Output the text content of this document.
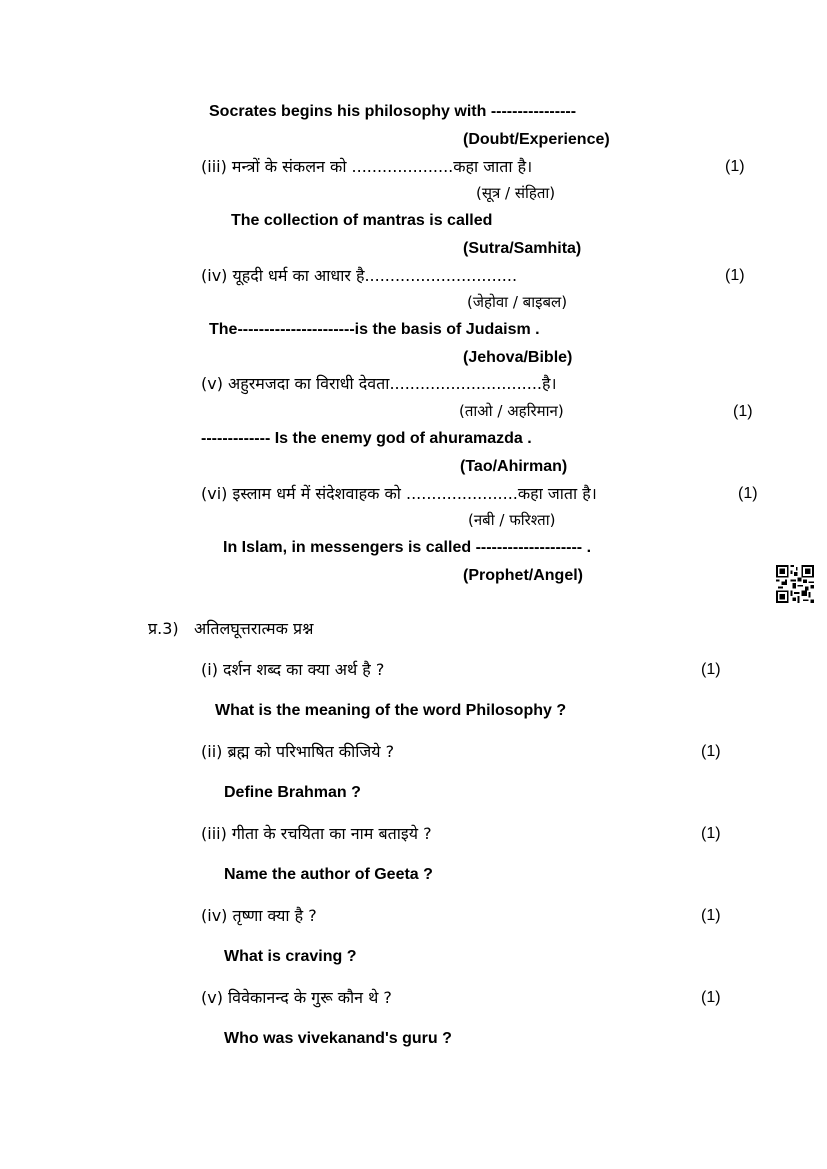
Socrates begins his philosophy with ----------------
(Doubt/Experience)
(iii) मन्त्रों के संकलन को ....................कहा जाता है।	(1)
(सूत्र / संहिता)
The collection of mantras is called
(Sutra/Samhita)
(iv) यूहदी धर्म का आधार है..............................	(1)
(जेहोवा / बाइबल)
The----------------------is the basis of Judaism .
(Jehova/Bible)
(v) अहुरमजदा का विराधी देवता..............................है।
(ताओ / अहरिमान)	(1)
------------- Is the enemy god of ahuramazda .
(Tao/Ahirman)
(vi) इस्लाम धर्म में संदेशवाहक को ......................कहा जाता है।	(1)
(नबी / फरिश्ता)
In Islam, in messengers is called -------------------- .
(Prophet/Angel)
प्र.3) अतिलघूत्तरात्मक प्रश्न
(i) दर्शन शब्द का क्या अर्थ है ?	(1)
What is the meaning of the word Philosophy ?
(ii) ब्रह्म को परिभाषित कीजिये ?	(1)
Define Brahman ?
(iii) गीता के रचयिता का नाम बताइये ?	(1)
Name the author of Geeta ?
(iv) तृष्णा क्या है ?	(1)
What is craving ?
(v) विवेकानन्द के गुरू कौन थे ?	(1)
Who was vivekanand's guru ?
